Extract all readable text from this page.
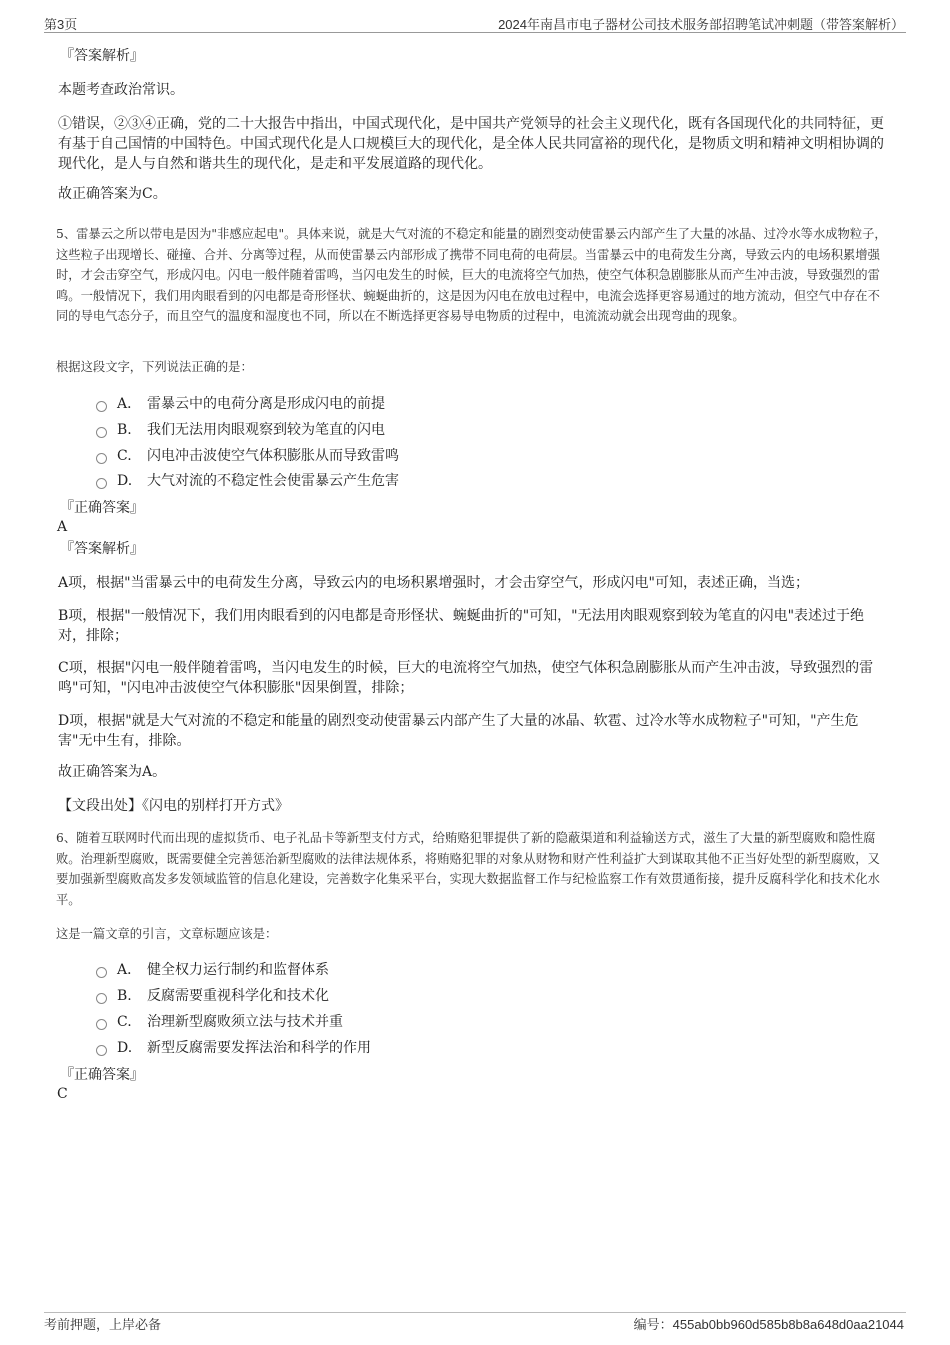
第3页	2024年南昌市电子器材公司技术服务部招聘笔试冲刺题（带答案解析）
『答案解析』
本题考查政治常识。
①错误，②③④正确，党的二十大报告中指出，中国式现代化，是中国共产党领导的社会主义现代化，既有各国现代化的共同特征，更有基于自己国情的中国特色。中国式现代化是人口规模巨大的现代化，是全体人民共同富裕的现代化，是物质文明和精神文明相协调的现代化，是人与自然和谐共生的现代化，是走和平发展道路的现代化。
故正确答案为C。
5、雷暴云之所以带电是因为"非感应起电"。具体来说，就是大气对流的不稳定和能量的剧烈变动使雷暴云内部产生了大量的冰晶、过冷水等水成物粒子，这些粒子出现增长、碰撞、合并、分离等过程，从而使雷暴云内部形成了携带不同电荷的电荷层。当雷暴云中的电荷发生分离，导致云内的电场积累增强时，才会击穿空气，形成闪电。闪电一般伴随着雷鸣，当闪电发生的时候，巨大的电流将空气加热，使空气体积急剧膨胀从而产生冲击波，导致强烈的雷鸣。一般情况下，我们用肉眼看到的闪电都是奇形怪状、蜿蜒曲折的，这是因为闪电在放电过程中，电流会选择更容易通过的地方流动，但空气中存在不同的导电气态分子，而且空气的温度和湿度也不同，所以在不断选择更容易导电物质的过程中，电流流动就会出现弯曲的现象。
根据这段文字，下列说法正确的是：
A． 雷暴云中的电荷分离是形成闪电的前提
B. 我们无法用肉眼观察到较为笔直的闪电
C. 闪电冲击波使空气体积膨胀从而导致雷鸣
D. 大气对流的不稳定性会使雷暴云产生危害
『正确答案』
A
『答案解析』
A项，根据"当雷暴云中的电荷发生分离，导致云内的电场积累增强时，才会击穿空气，形成闪电"可知，表述正确，当选；
B项，根据"一般情况下，我们用肉眼看到的闪电都是奇形怪状、蜿蜒曲折的"可知，"无法用肉眼观察到较为笔直的闪电"表述过于绝对，排除；
C项，根据"闪电一般伴随着雷鸣，当闪电发生的时候，巨大的电流将空气加热，使空气体积急剧膨胀从而产生冲击波，导致强烈的雷鸣"可知，"闪电冲击波使空气体积膨胀"因果倒置，排除；
D项，根据"就是大气对流的不稳定和能量的剧烈变动使雷暴云内部产生了大量的冰晶、软雹、过冷水等水成物粒子"可知，"产生危害"无中生有，排除。
故正确答案为A。
【文段出处】《闪电的别样打开方式》
6、随着互联网时代而出现的虚拟货币、电子礼品卡等新型支付方式，给贿赂犯罪提供了新的隐蔽渠道和利益输送方式，滋生了大量的新型腐败和隐性腐败。治理新型腐败，既需要健全完善惩治新型腐败的法律法规体系，将贿赂犯罪的对象从财物和财产性利益扩大到谋取其他不正当好处型的新型腐败，又要加强新型腐败高发多发领域监管的信息化建设，完善数字化集采平台，实现大数据监督工作与纪检监察工作有效贯通衔接，提升反腐科学化和技术化水平。
这是一篇文章的引言，文章标题应该是：
A． 健全权力运行制约和监督体系
B. 反腐需要重视科学化和技术化
C. 治理新型腐败须立法与技术并重
D. 新型反腐需要发挥法治和科学的作用
『正确答案』
C
考前押题，上岸必备	编号：455ab0bb960d585b8b8a648d0aa21044
